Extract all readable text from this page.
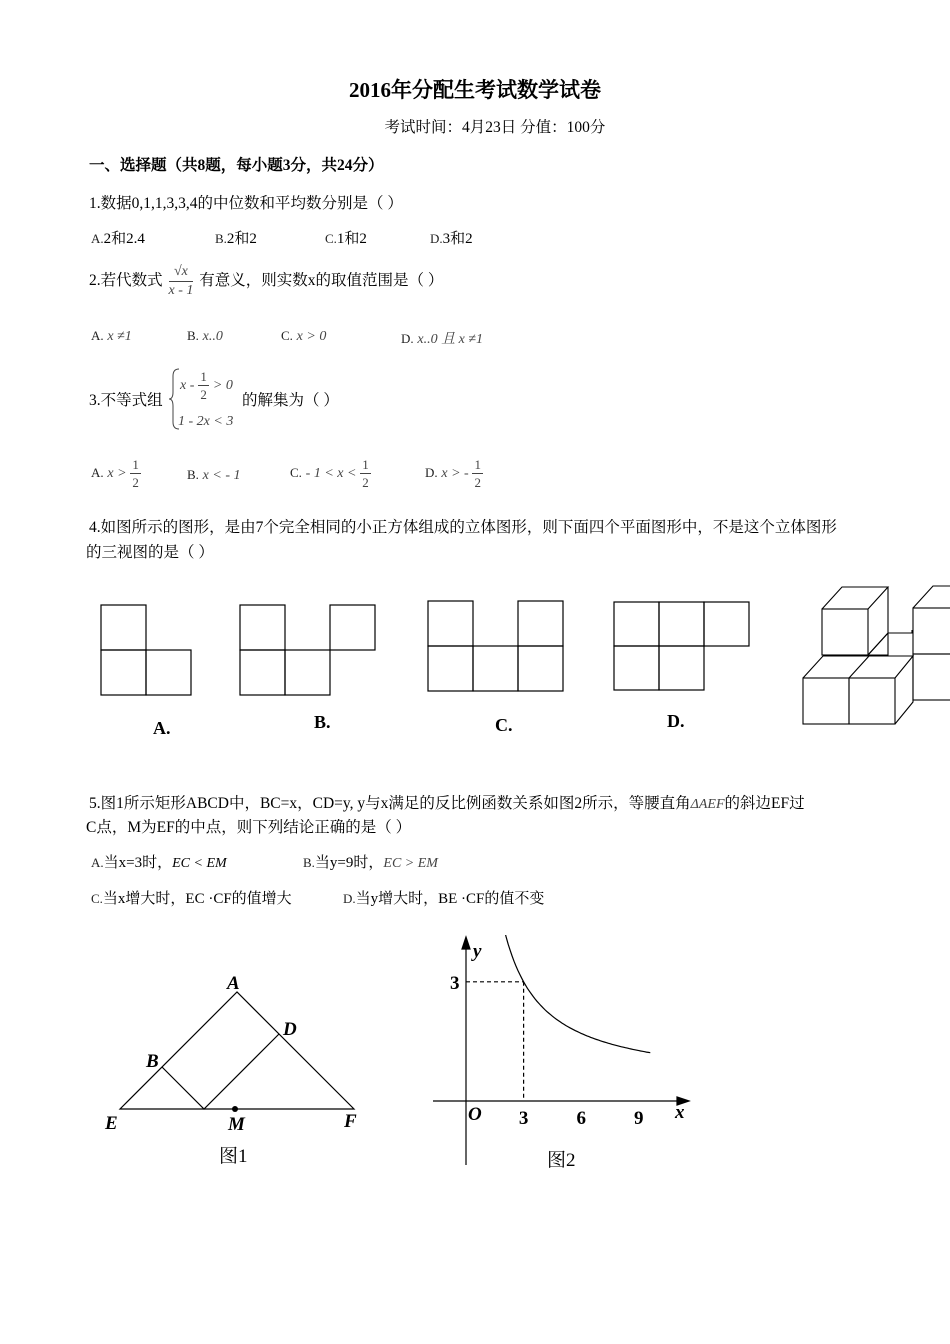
2016年分配生考试数学试卷
考试时间：4月23日 分值：100分
一、选择题（共8题，每小题3分，共24分）
1.数据0,1,1,3,3,4的中位数和平均数分别是（ ）
A.2和2.4	B.2和2	C.1和2	D.3和2
2.若代数式 $\frac{√x}{x - 1}$ 有意义，则实数x的取值范围是（ ）
A. x ≠1	B. x..0	C. x > 0	D. x..0 且 x ≠1
3.不等式组
$x - \frac{1}{2} > 0$
1 - 2x < 3
的解集为（ ）
A. $x > \frac{1}{2}$	B. x < - 1	C. - $1 < x < \frac{1}{2}$	D. x > - $\frac{1}{2}$
4.如图所示的图形，是由7个完全相同的小正方体组成的立体图形，则下面四个平面图形中，不是这个立体图形
的三视图的是（ ）
A.	B.	C.	D.
5.图1所示矩形ABCD中，BC=x，CD=y, y与x满足的反比例函数关系如图2所示，等腰直角ΔAEF的斜边EF过
C点，M为EF的中点，则下列结论正确的是（ ）
A.当x=3时，EC < EM	B.当y=9时，EC > EM
C.当x增大时，EC ·CF的值增大	D.当y增大时，BE ·CF的值不变
A
B
D
E	F
M
图1
y
x
O 3	6	9
3
图2
